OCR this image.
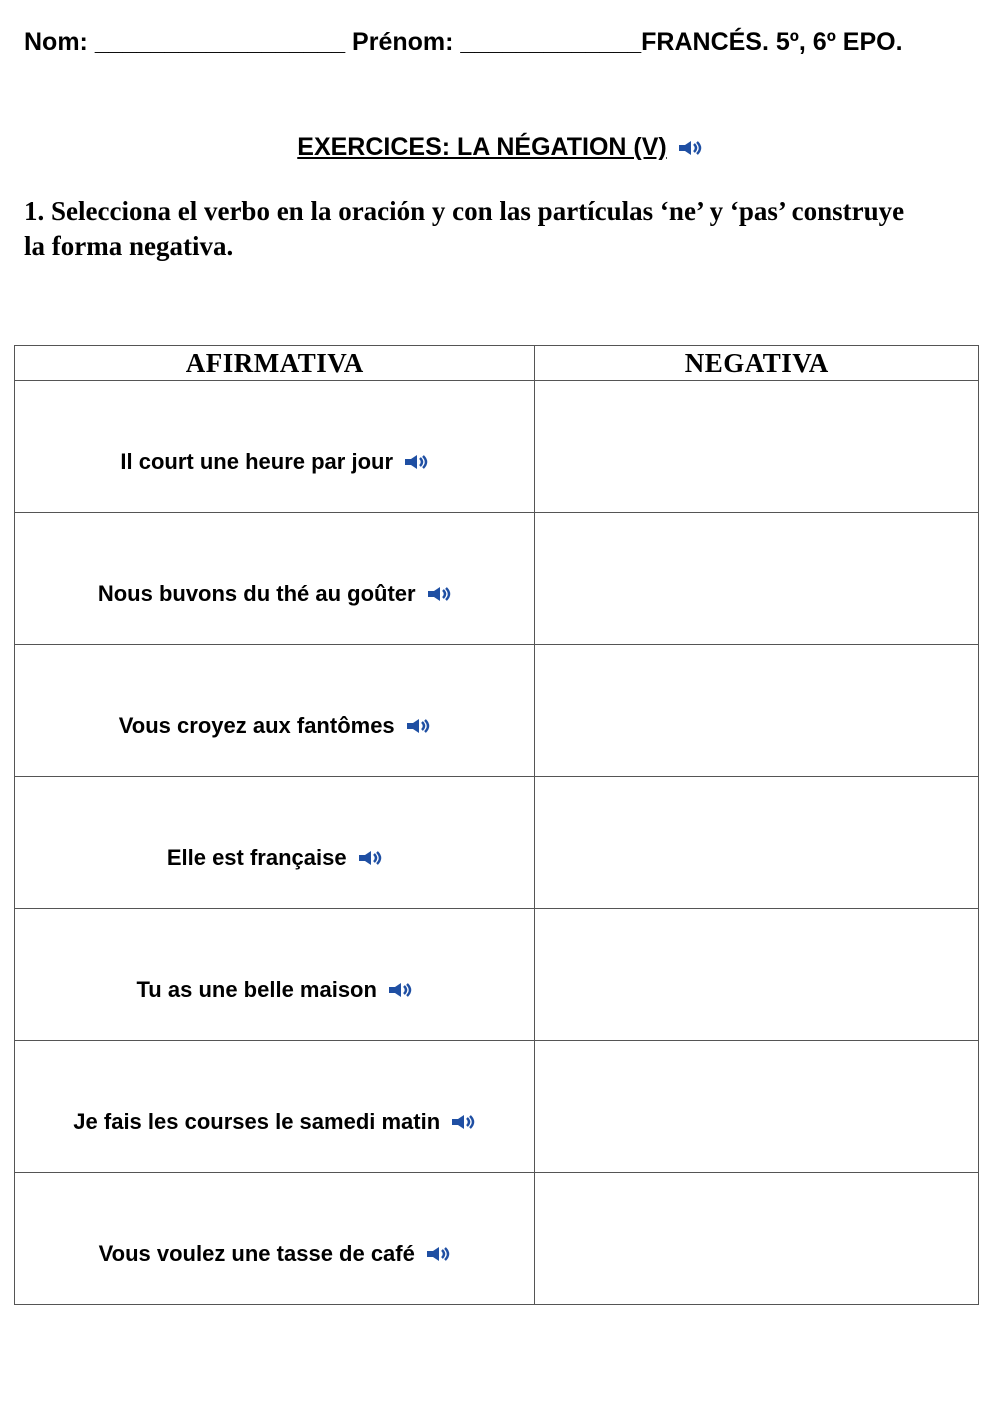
Nom: __________________ Prénom: _____________FRANCÉS. 5º, 6º EPO.
EXERCICES: LA NÉGATION (V)
1. Selecciona el verbo en la oración y con las partículas ‘ne’ y ‘pas’ construye la forma negativa.
AFIRMATIVA	NEGATIVA

Il court une heure par jour	

Nous buvons du thé au goûter	

Vous croyez aux fantômes	

Elle est française	

Tu as une belle maison	

Je fais les courses le samedi matin	

Vous voulez une tasse de café	
